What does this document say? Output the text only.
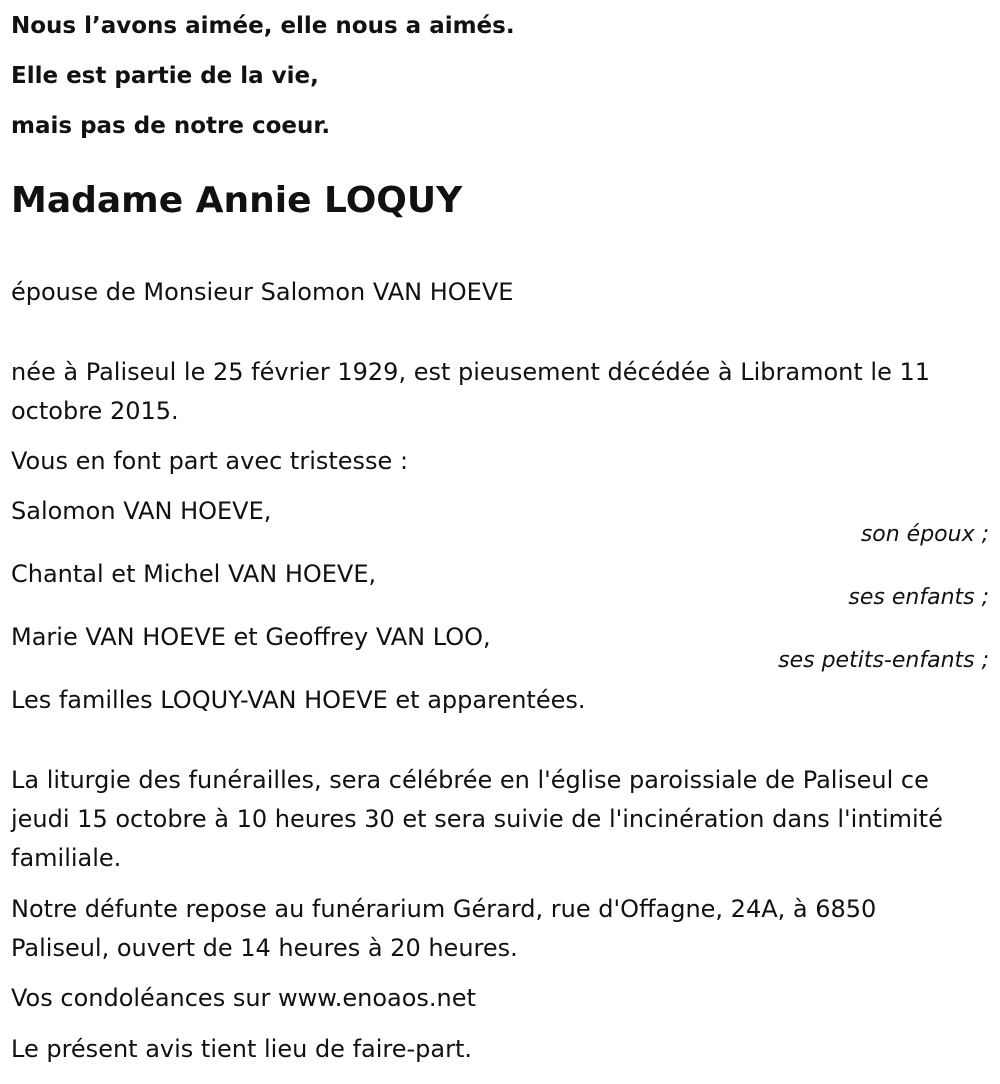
Nous l’avons aimée, elle nous a aimés.

Elle est partie de la vie,

mais pas de notre coeur.

Madame Annie LOQUY

épouse de Monsieur Salomon VAN HOEVE

née à Paliseul le 25 février 1929, est pieusement décédée à Libramont le 11 octobre 2015.

Vous en font part avec tristesse :

Salomon VAN HOEVE,

son époux ;

Chantal et Michel VAN HOEVE,

ses enfants ;

Marie VAN HOEVE et Geoffrey VAN LOO,

ses petits-enfants ;

Les familles LOQUY-VAN HOEVE et apparentées.

La liturgie des funérailles, sera célébrée en l'église paroissiale de Paliseul ce jeudi 15 octobre à 10 heures 30 et sera suivie de l'incinération dans l'intimité familiale.

Notre défunte repose au funérarium Gérard, rue d'Offagne, 24A, à 6850 Paliseul, ouvert de 14 heures à 20 heures.

Vos condoléances sur www.enoaos.net

Le présent avis tient lieu de faire-part.
